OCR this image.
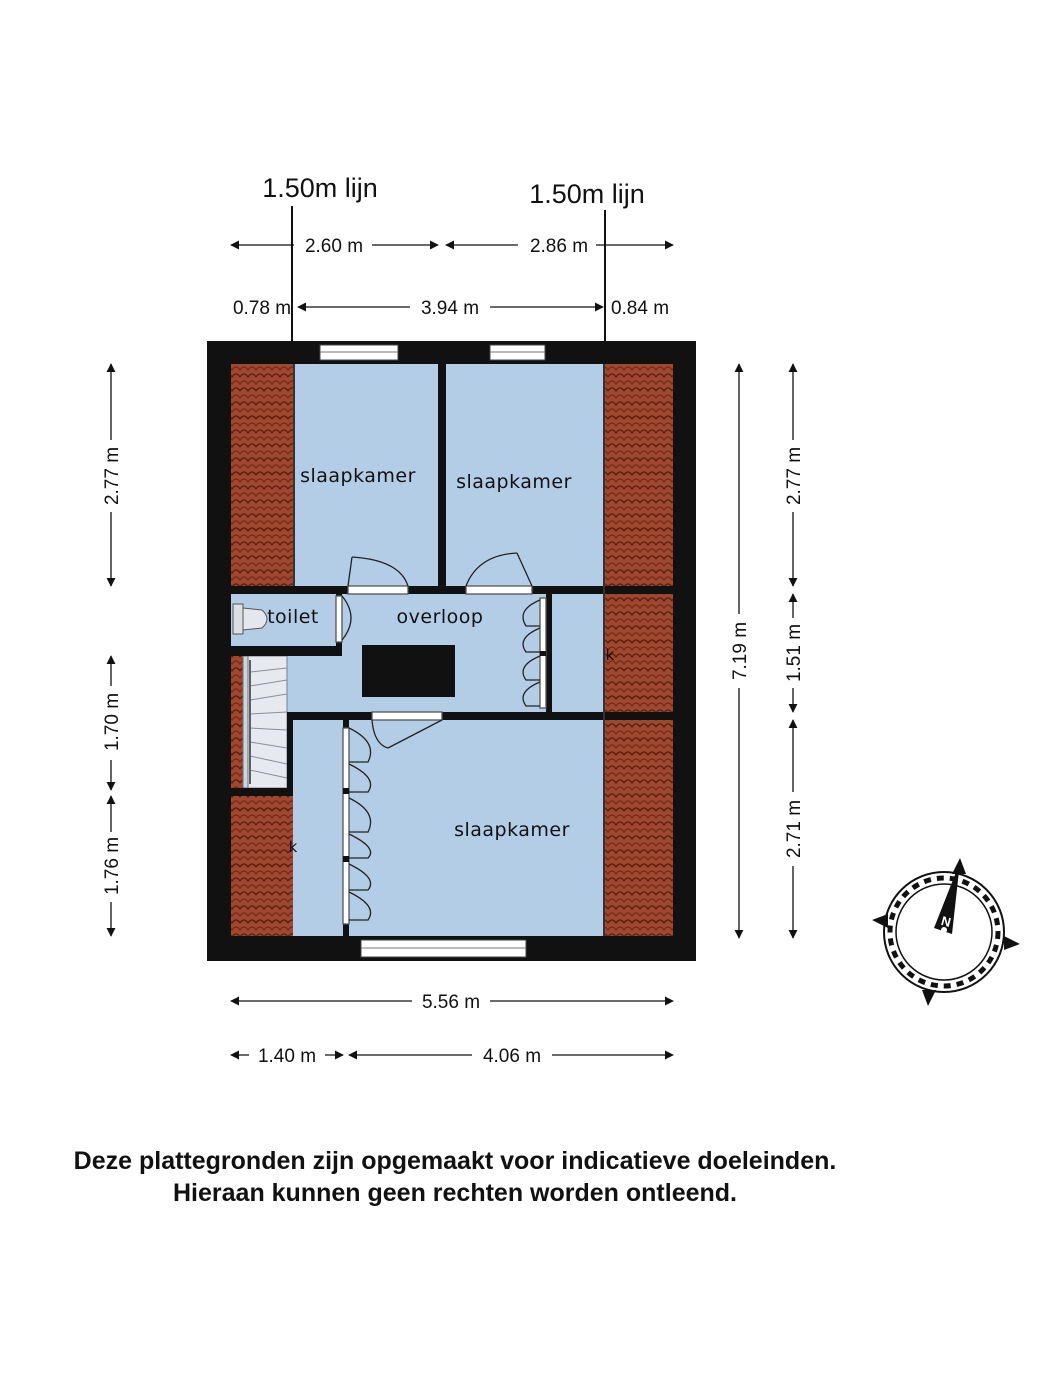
slaapkamer slaapkamer
toilet	overloop
k
slaapkamer
k
1.50m lijn	1.50m lijn
2.60 m	2.86 m
0.78 m	3.94 m	0.84 m
2.77 m
1.70 m
1.76 m
7.19 m
2.77 m
1.51 m
2.71 m
5.56 m
1.40 m	4.06 m
N
Deze plattegronden zijn opgemaakt voor indicatieve doeleinden.
Hieraan kunnen geen rechten worden ontleend.
